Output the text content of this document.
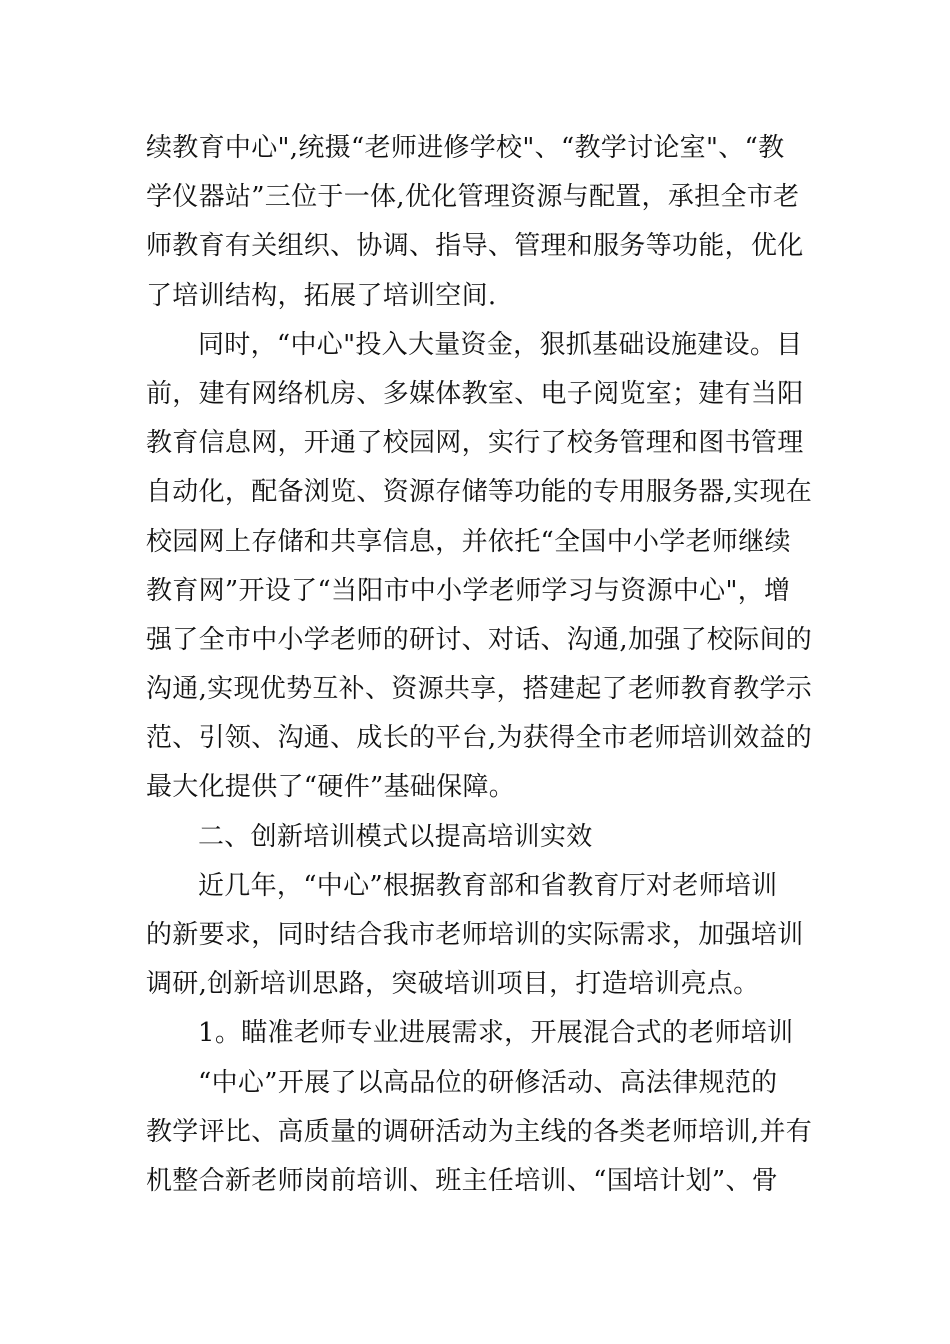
续教育中心",统摄“老师进修学校"、“教学讨论室"、“教
学仪器站”三位于一体,优化管理资源与配置，承担全市老
师教育有关组织、协调、指导、管理和服务等功能，优化
了培训结构，拓展了培训空间.
同时，“中心"投入大量资金，狠抓基础设施建设。目
前，建有网络机房、多媒体教室、电子阅览室；建有当阳
教育信息网，开通了校园网，实行了校务管理和图书管理
自动化，配备浏览、资源存储等功能的专用服务器,实现在
校园网上存储和共享信息，并依托“全国中小学老师继续
教育网”开设了“当阳市中小学老师学习与资源中心"，增
强了全市中小学老师的研讨、对话、沟通,加强了校际间的
沟通,实现优势互补、资源共享，搭建起了老师教育教学示
范、引领、沟通、成长的平台,为获得全市老师培训效益的
最大化提供了“硬件”基础保障。
二、创新培训模式以提高培训实效
近几年，“中心”根据教育部和省教育厅对老师培训
的新要求，同时结合我市老师培训的实际需求，加强培训
调研,创新培训思路，突破培训项目，打造培训亮点。
1。瞄准老师专业进展需求，开展混合式的老师培训
“中心”开展了以高品位的研修活动、高法律规范的
教学评比、高质量的调研活动为主线的各类老师培训,并有
机整合新老师岗前培训、班主任培训、“国培计划”、骨
